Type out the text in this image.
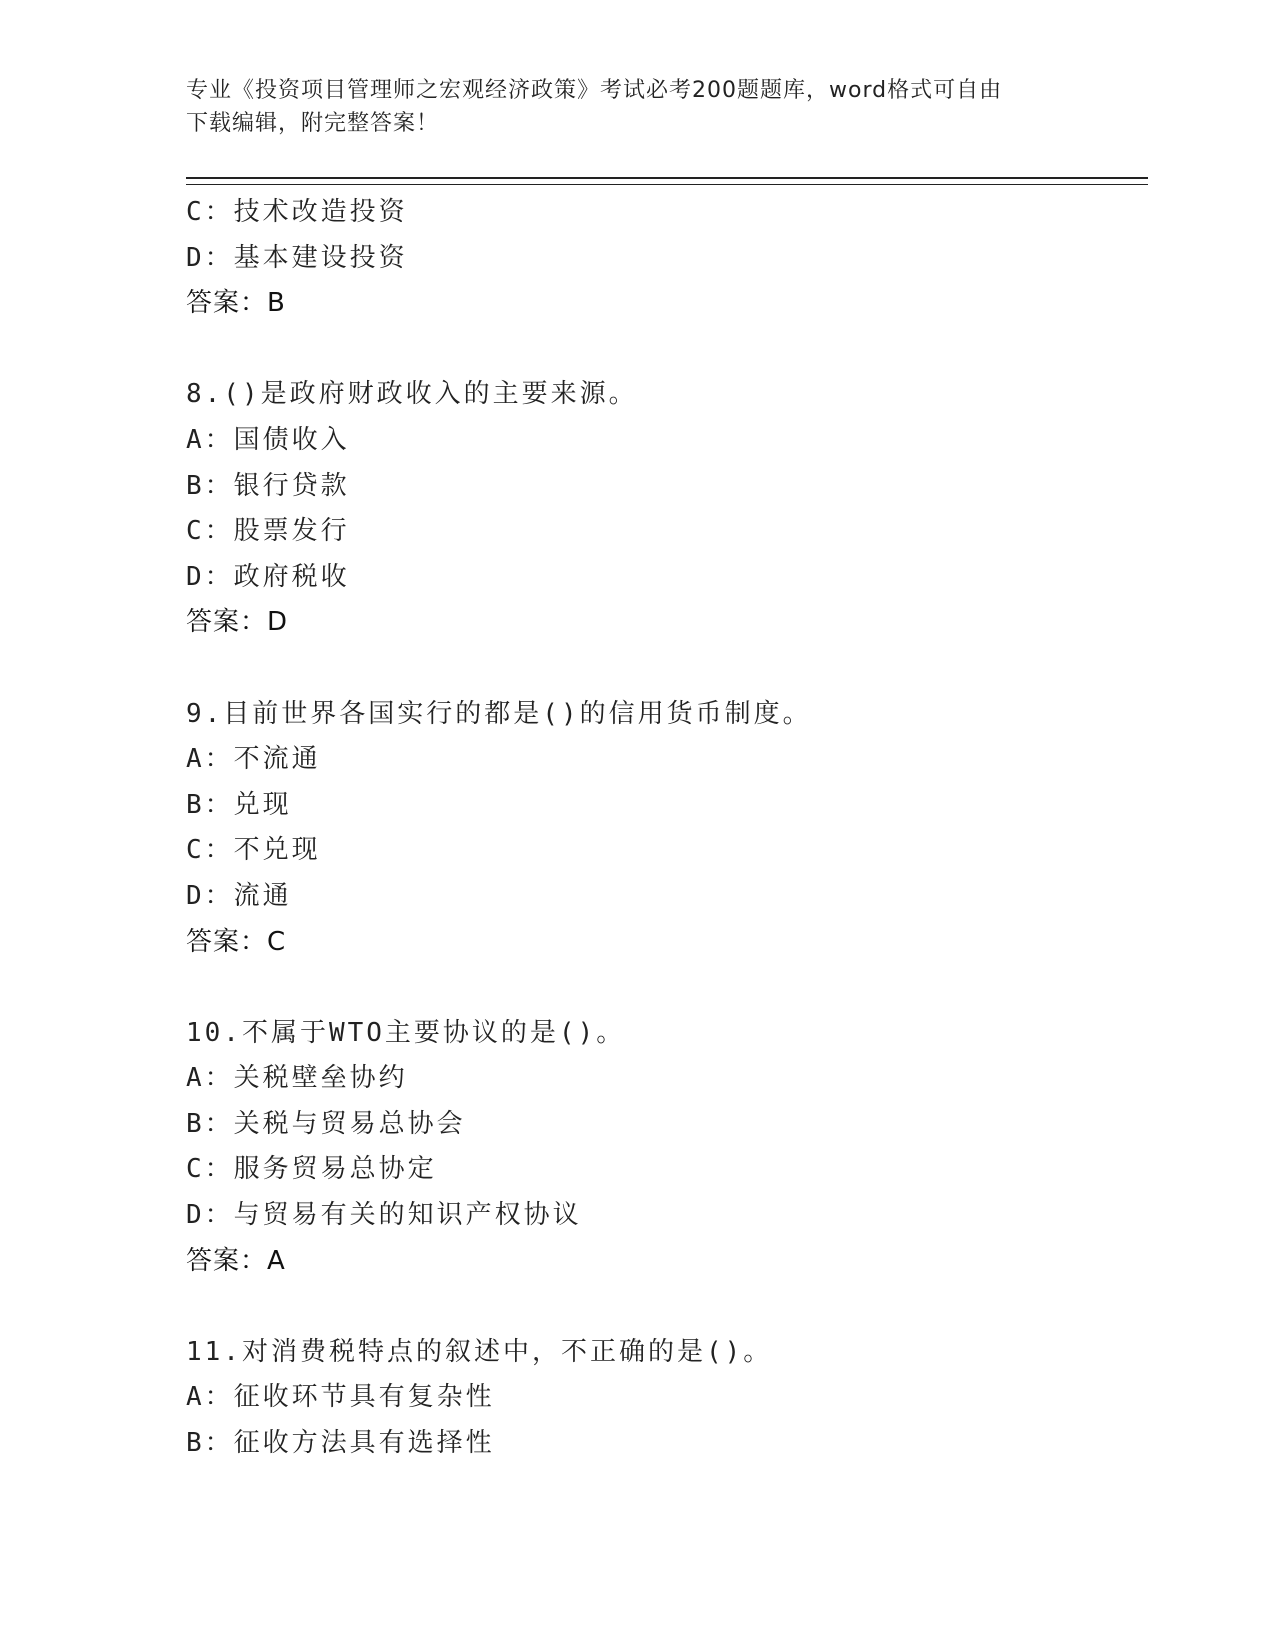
专业《投资项目管理师之宏观经济政策》考试必考200题题库，word格式可自由
下载编辑，附完整答案！
C：技术改造投资
D：基本建设投资
答案：B
8.()是政府财政收入的主要来源。
A：国债收入
B：银行贷款
C：股票发行
D：政府税收
答案：D
9.目前世界各国实行的都是()的信用货币制度。
A：不流通
B：兑现
C：不兑现
D：流通
答案：C
10.不属于WTO主要协议的是()。
A：关税壁垒协约
B：关税与贸易总协会
C：服务贸易总协定
D：与贸易有关的知识产权协议
答案：A
11.对消费税特点的叙述中，不正确的是()。
A：征收环节具有复杂性
B：征收方法具有选择性
